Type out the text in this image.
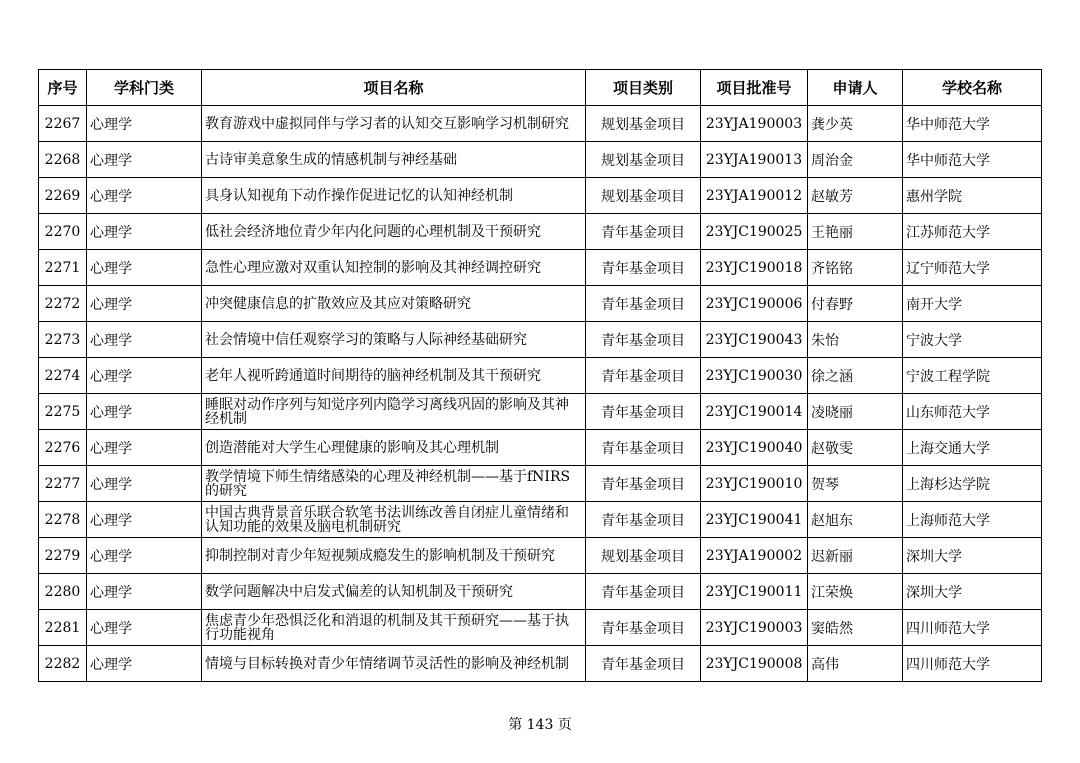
序号	学科门类	项目名称	项目类别	项目批准号	申请人	学校名称
2267	心理学	教育游戏中虚拟同伴与学习者的认知交互影响学习机制研究	规划基金项目	23YJA190003	龚少英	华中师范大学
2268	心理学	古诗审美意象生成的情感机制与神经基础	规划基金项目	23YJA190013	周治金	华中师范大学
2269	心理学	具身认知视角下动作操作促进记忆的认知神经机制	规划基金项目	23YJA190012	赵敏芳	惠州学院
2270	心理学	低社会经济地位青少年内化问题的心理机制及干预研究	青年基金项目	23YJC190025	王艳丽	江苏师范大学
2271	心理学	急性心理应激对双重认知控制的影响及其神经调控研究	青年基金项目	23YJC190018	齐铭铭	辽宁师范大学
2272	心理学	冲突健康信息的扩散效应及其应对策略研究	青年基金项目	23YJC190006	付春野	南开大学
2273	心理学	社会情境中信任观察学习的策略与人际神经基础研究	青年基金项目	23YJC190043	朱怡	宁波大学
2274	心理学	老年人视听跨通道时间期待的脑神经机制及其干预研究	青年基金项目	23YJC190030	徐之涵	宁波工程学院
2275	心理学	睡眠对动作序列与知觉序列内隐学习离线巩固的影响及其神经机制	青年基金项目	23YJC190014	凌晓丽	山东师范大学
2276	心理学	创造潜能对大学生心理健康的影响及其心理机制	青年基金项目	23YJC190040	赵敬雯	上海交通大学
2277	心理学	教学情境下师生情绪感染的心理及神经机制——基于fNIRS的研究	青年基金项目	23YJC190010	贺琴	上海杉达学院
2278	心理学	中国古典背景音乐联合软笔书法训练改善自闭症儿童情绪和认知功能的效果及脑电机制研究	青年基金项目	23YJC190041	赵旭东	上海师范大学
2279	心理学	抑制控制对青少年短视频成瘾发生的影响机制及干预研究	规划基金项目	23YJA190002	迟新丽	深圳大学
2280	心理学	数学问题解决中启发式偏差的认知机制及干预研究	青年基金项目	23YJC190011	江荣焕	深圳大学
2281	心理学	焦虑青少年恐惧泛化和消退的机制及其干预研究——基于执行功能视角	青年基金项目	23YJC190003	窦皓然	四川师范大学
2282	心理学	情境与目标转换对青少年情绪调节灵活性的影响及神经机制	青年基金项目	23YJC190008	高伟	四川师范大学
第 143 页
